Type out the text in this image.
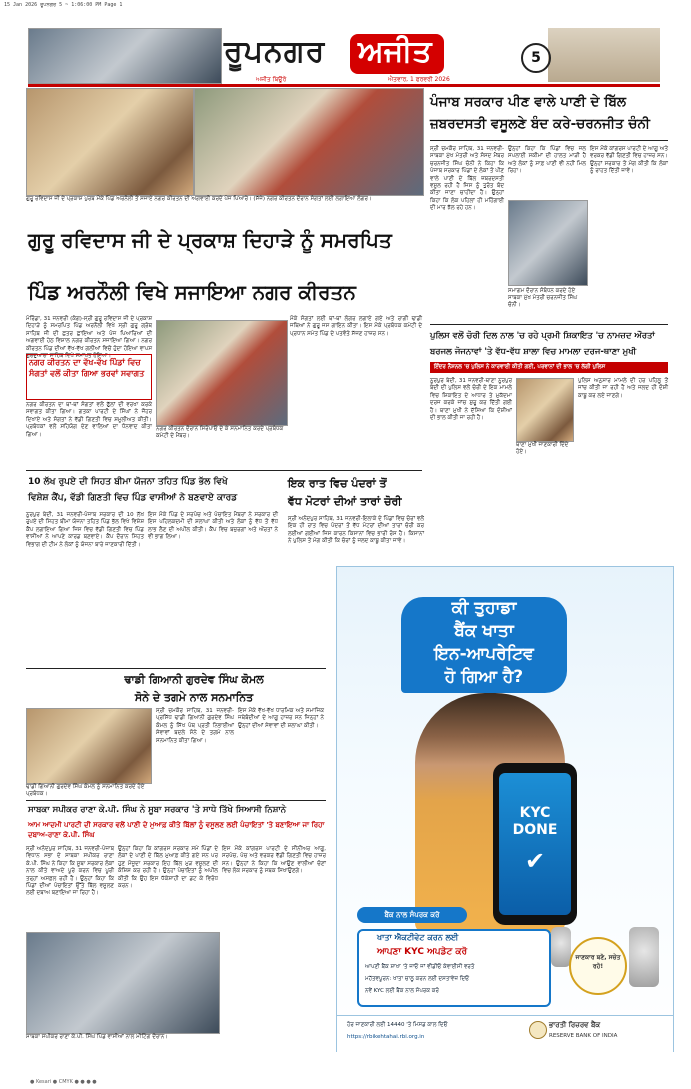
15 Jan 2026 ਰੂਪਨਗਰ 5 ~ 1:06:00 PM Page 1
ਰੂਪਨਗਰ ਅਜੀਤ
ਅਜੀਤ ਬਿਊਰੋ	ਐਤਵਾਰ, 1 ਫਰਵਰੀ 2026
5
ਗੁਰੂ ਰਵਿਦਾਸ ਜੀ ਦੇ ਪ੍ਰਕਾਸ਼ ਪੁਰਬ ਮੌਕੇ ਪਿੰਡ ਅਰਨੌਲੀ ਤੋਂ ਸਜਾਏ ਨਗਰ ਕੀਰਤਨ ਦੀ ਅਗਵਾਈ ਕਰਦੇ ਪੰਜ ਪਿਆਰੇ। (ਸੱਜੇ) ਨਗਰ ਕੀਰਤਨ ਦੌਰਾਨ ਸੰਗਤਾਂ ਲਈ ਲਗਾਇਆ ਲੰਗਰ।
ਗੁਰੂ ਰਵਿਦਾਸ ਜੀ ਦੇ ਪ੍ਰਕਾਸ਼ ਦਿਹਾੜੇ ਨੂੰ ਸਮਰਪਿਤ
ਪਿੰਡ ਅਰਨੌਲੀ ਵਿਖੇ ਸਜਾਇਆ ਨਗਰ ਕੀਰਤਨ
ਮੋਰਿੰਡਾ, 31 ਜਨਵਰੀ (ਕੰਗ)-ਸ੍ਰੀ ਗੁਰੂ ਰਵਿਦਾਸ ਜੀ ਦੇ ਪ੍ਰਕਾਸ਼ ਦਿਹਾੜੇ ਨੂੰ ਸਮਰਪਿਤ ਪਿੰਡ ਅਰਨੌਲੀ ਵਿਖੇ ਸ੍ਰੀ ਗੁਰੂ ਗ੍ਰੰਥ ਸਾਹਿਬ ਜੀ ਦੀ ਛਤਰ ਛਾਇਆ ਅਤੇ ਪੰਜ ਪਿਆਰਿਆਂ ਦੀ ਅਗਵਾਈ ਹੇਠ ਵਿਸ਼ਾਲ ਨਗਰ ਕੀਰਤਨ ਸਜਾਇਆ ਗਿਆ। ਨਗਰ ਕੀਰਤਨ ਪਿੰਡ ਦੀਆਂ ਵੱਖ-ਵੱਖ ਗਲੀਆਂ ਵਿਚੋਂ ਹੁੰਦਾ ਹੋਇਆ ਵਾਪਸ ਗੁਰਦੁਆਰਾ ਸਾਹਿਬ ਵਿਖੇ ਸਮਾਪਤ ਹੋਇਆ।
ਨਗਰ ਕੀਰਤਨ ਦਾ ਵੱਖ-ਵੱਖ ਪਿੰਡਾਂ ਵਿਚ ਸੰਗਤਾਂ ਵਲੋਂ ਕੀਤਾ ਗਿਆ ਭਰਵਾਂ ਸਵਾਗਤ
ਨਗਰ ਕੀਰਤਨ ਦਾ ਥਾਂ-ਥਾਂ ਸੰਗਤਾਂ ਵਲੋਂ ਫੁੱਲਾਂ ਦੀ ਵਰਖਾ ਕਰਕੇ ਸਵਾਗਤ ਕੀਤਾ ਗਿਆ। ਗਤਕਾ ਪਾਰਟੀ ਦੇ ਸਿੰਘਾਂ ਨੇ ਜੌਹਰ ਦਿਖਾਏ ਅਤੇ ਸੰਗਤਾਂ ਨੇ ਵੱਡੀ ਗਿਣਤੀ ਵਿਚ ਸ਼ਮੂਲੀਅਤ ਕੀਤੀ। ਪ੍ਰਬੰਧਕਾਂ ਵਲੋਂ ਸਹਿਯੋਗ ਦੇਣ ਵਾਲਿਆਂ ਦਾ ਧੰਨਵਾਦ ਕੀਤਾ ਗਿਆ।
ਨਗਰ ਕੀਰਤਨ ਦੌਰਾਨ ਸਿਰੋਪਾਓ ਦੇ ਕੇ ਸਨਮਾਨਿਤ ਕਰਦੇ ਪ੍ਰਬੰਧਕ ਕਮੇਟੀ ਦੇ ਮੈਂਬਰ।
ਮੌਕੇ ਸੰਗਤਾਂ ਲਈ ਥਾਂ-ਥਾਂ ਲੰਗਰ ਲਗਾਏ ਗਏ ਅਤੇ ਰਾਗੀ ਢਾਡੀ ਜਥਿਆਂ ਨੇ ਗੁਰੂ ਜਸ ਗਾਇਨ ਕੀਤਾ। ਇਸ ਮੌਕੇ ਪ੍ਰਬੰਧਕ ਕਮੇਟੀ ਦੇ ਪ੍ਰਧਾਨ ਸਮੇਤ ਪਿੰਡ ਦੇ ਪਤਵੰਤੇ ਸੱਜਣ ਹਾਜ਼ਰ ਸਨ।
ਪੰਜਾਬ ਸਰਕਾਰ ਪੀਣ ਵਾਲੇ ਪਾਣੀ ਦੇ ਬਿੱਲ
ਜ਼ਬਰਦਸਤੀ ਵਸੂਲਣੇ ਬੰਦ ਕਰੇ-ਚਰਨਜੀਤ ਚੰਨੀ
ਸ੍ਰੀ ਚਮਕੌਰ ਸਾਹਿਬ, 31 ਜਨਵਰੀ-ਸਾਬਕਾ ਮੁੱਖ ਮੰਤਰੀ ਅਤੇ ਸੰਸਦ ਮੈਂਬਰ ਚਰਨਜੀਤ ਸਿੰਘ ਚੰਨੀ ਨੇ ਕਿਹਾ ਕਿ ਪੰਜਾਬ ਸਰਕਾਰ ਪਿੰਡਾਂ ਦੇ ਲੋਕਾਂ ਤੋਂ ਪੀਣ ਵਾਲੇ ਪਾਣੀ ਦੇ ਬਿੱਲ ਜ਼ਬਰਦਸਤੀ ਵਸੂਲ ਰਹੀ ਹੈ ਜਿਸ ਨੂੰ ਤੁਰੰਤ ਬੰਦ ਕੀਤਾ ਜਾਣਾ ਚਾਹੀਦਾ ਹੈ। ਉਨ੍ਹਾਂ ਕਿਹਾ ਕਿ ਲੋਕ ਪਹਿਲਾਂ ਹੀ ਮਹਿੰਗਾਈ ਦੀ ਮਾਰ ਝੱਲ ਰਹੇ ਹਨ।
ਉਨ੍ਹਾਂ ਕਿਹਾ ਕਿ ਪਿੰਡਾਂ ਵਿਚ ਜਲ ਸਪਲਾਈ ਸਕੀਮਾਂ ਦੀ ਹਾਲਤ ਮਾੜੀ ਹੈ ਅਤੇ ਲੋਕਾਂ ਨੂੰ ਸਾਫ਼ ਪਾਣੀ ਵੀ ਨਹੀਂ ਮਿਲ ਰਿਹਾ।
ਇਸ ਮੌਕੇ ਕਾਂਗਰਸ ਪਾਰਟੀ ਦੇ ਆਗੂ ਅਤੇ ਵਰਕਰ ਵੱਡੀ ਗਿਣਤੀ ਵਿਚ ਹਾਜ਼ਰ ਸਨ। ਉਨ੍ਹਾਂ ਸਰਕਾਰ ਤੋਂ ਮੰਗ ਕੀਤੀ ਕਿ ਲੋਕਾਂ ਨੂੰ ਰਾਹਤ ਦਿੱਤੀ ਜਾਵੇ।
ਸਮਾਗਮ ਦੌਰਾਨ ਸੰਬੋਧਨ ਕਰਦੇ ਹੋਏ ਸਾਬਕਾ ਮੁੱਖ ਮੰਤਰੀ ਚਰਨਜੀਤ ਸਿੰਘ ਚੰਨੀ।
ਪੁਲਿਸ ਵਲੋਂ ਚੋਰੀ ਦਿਲ ਨਾਲ 'ਚ ਰਹੇ ਪ੍ਰਮੀ ਸ਼ਿਕਾਇਤ 'ਚ ਨਾਮਜ਼ਦ ਔਰਤਾਂ
ਬਰਜਲ ਜੋਜਨਾਵਾਂ 'ਤੇ ਵੱਧ-ਵੱਧ ਸ਼ਾਲਾ ਵਿਚ ਮਾਮਲਾ ਦਰਜ-ਥਾਣਾ ਮੁਖੀ
ਇੰਦਰ ਨੈਸ਼ਨਲ 'ਚ ਪੁਲਿਸ ਨੇ ਕਾਰਵਾਈ ਕੀਤੀ ਗਈ, ਪਰਵਾਨਾਂ ਦੀ ਭਾਲ 'ਚ ਲੱਗੀ ਪੁਲਿਸ
ਨੂਰਪੁਰ ਬੇਦੀ, 31 ਜਨਵਰੀ-ਥਾਣਾ ਨੂਰਪੁਰ ਬੇਦੀ ਦੀ ਪੁਲਿਸ ਵਲੋਂ ਚੋਰੀ ਦੇ ਇਕ ਮਾਮਲੇ ਵਿਚ ਸ਼ਿਕਾਇਤ ਦੇ ਆਧਾਰ ਤੇ ਮੁਕੱਦਮਾ ਦਰਜ ਕਰਕੇ ਜਾਂਚ ਸ਼ੁਰੂ ਕਰ ਦਿੱਤੀ ਗਈ ਹੈ। ਥਾਣਾ ਮੁਖੀ ਨੇ ਦੱਸਿਆ ਕਿ ਦੋਸ਼ੀਆਂ ਦੀ ਭਾਲ ਕੀਤੀ ਜਾ ਰਹੀ ਹੈ।
ਥਾਣਾ ਮੁਖੀ ਜਾਣਕਾਰੀ ਦਿੰਦੇ ਹੋਏ।
ਪੁਲਿਸ ਅਨੁਸਾਰ ਮਾਮਲੇ ਦੀ ਹਰ ਪਹਿਲੂ ਤੋਂ ਜਾਂਚ ਕੀਤੀ ਜਾ ਰਹੀ ਹੈ ਅਤੇ ਜਲਦ ਹੀ ਦੋਸ਼ੀ ਕਾਬੂ ਕਰ ਲਏ ਜਾਣਗੇ।
10 ਲੱਖ ਰੁਪਏ ਦੀ ਸਿਹਤ ਬੀਮਾ ਯੋਜਨਾ ਤਹਿਤ ਪਿੰਡ ਭੱਲ ਵਿਖੇ
ਵਿਸ਼ੇਸ਼ ਕੈਂਪ, ਵੱਡੀ ਗਿਣਤੀ ਵਿਚ ਪਿੰਡ ਵਾਸੀਆਂ ਨੇ ਬਣਵਾਏ ਕਾਰਡ
ਨੂਰਪੁਰ ਬੇਦੀ, 31 ਜਨਵਰੀ-ਪੰਜਾਬ ਸਰਕਾਰ ਦੀ 10 ਲੱਖ ਰੁਪਏ ਦੀ ਸਿਹਤ ਬੀਮਾ ਯੋਜਨਾ ਤਹਿਤ ਪਿੰਡ ਭੱਲ ਵਿਖੇ ਵਿਸ਼ੇਸ਼ ਕੈਂਪ ਲਗਾਇਆ ਗਿਆ ਜਿਸ ਵਿਚ ਵੱਡੀ ਗਿਣਤੀ ਵਿਚ ਪਿੰਡ ਵਾਸੀਆਂ ਨੇ ਆਪਣੇ ਕਾਰਡ ਬਣਵਾਏ। ਕੈਂਪ ਦੌਰਾਨ ਸਿਹਤ ਵਿਭਾਗ ਦੀ ਟੀਮ ਨੇ ਲੋਕਾਂ ਨੂੰ ਯੋਜਨਾ ਬਾਰੇ ਜਾਣਕਾਰੀ ਦਿੱਤੀ।
ਇਸ ਮੌਕੇ ਪਿੰਡ ਦੇ ਸਰਪੰਚ ਅਤੇ ਪੰਚਾਇਤ ਮੈਂਬਰਾਂ ਨੇ ਸਰਕਾਰ ਦੀ ਇਸ ਪਹਿਲਕਦਮੀ ਦੀ ਸ਼ਲਾਘਾ ਕੀਤੀ ਅਤੇ ਲੋਕਾਂ ਨੂੰ ਵੱਧ ਤੋਂ ਵੱਧ ਲਾਭ ਲੈਣ ਦੀ ਅਪੀਲ ਕੀਤੀ। ਕੈਂਪ ਵਿਚ ਬਜ਼ੁਰਗਾਂ ਅਤੇ ਔਰਤਾਂ ਨੇ ਵੀ ਭਾਗ ਲਿਆ।
ਇਕ ਰਾਤ ਵਿਚ ਪੰਦਰਾਂ ਤੋਂ
ਵੱਧ ਮੋਟਰਾਂ ਦੀਆਂ ਤਾਰਾਂ ਚੋਰੀ
ਸ੍ਰੀ ਅਨੰਦਪੁਰ ਸਾਹਿਬ, 31 ਜਨਵਰੀ-ਇਲਾਕੇ ਦੇ ਪਿੰਡਾਂ ਵਿਚ ਚੋਰਾਂ ਵਲੋਂ ਇਕ ਹੀ ਰਾਤ ਵਿਚ ਪੰਦਰਾਂ ਤੋਂ ਵੱਧ ਮੋਟਰਾਂ ਦੀਆਂ ਤਾਰਾਂ ਚੋਰੀ ਕਰ ਲਈਆਂ ਗਈਆਂ ਜਿਸ ਕਾਰਨ ਕਿਸਾਨਾਂ ਵਿਚ ਭਾਰੀ ਰੋਸ ਹੈ। ਕਿਸਾਨਾਂ ਨੇ ਪੁਲਿਸ ਤੋਂ ਮੰਗ ਕੀਤੀ ਕਿ ਚੋਰਾਂ ਨੂੰ ਜਲਦ ਕਾਬੂ ਕੀਤਾ ਜਾਵੇ।
ਢਾਡੀ ਗਿਆਨੀ ਗੁਰਦੇਵ ਸਿੰਘ ਕੋਮਲ
ਸੋਨੇ ਦੇ ਤਗਮੇ ਨਾਲ ਸਨਮਾਨਿਤ
ਢਾਡੀ ਗਿਆਨੀ ਗੁਰਦੇਵ ਸਿੰਘ ਕੋਮਲ ਨੂੰ ਸਨਮਾਨਿਤ ਕਰਦੇ ਹੋਏ ਪ੍ਰਬੰਧਕ।
ਸ੍ਰੀ ਚਮਕੌਰ ਸਾਹਿਬ, 31 ਜਨਵਰੀ-ਪ੍ਰਸਿੱਧ ਢਾਡੀ ਗਿਆਨੀ ਗੁਰਦੇਵ ਸਿੰਘ ਕੋਮਲ ਨੂੰ ਸਿੱਖ ਪੰਥ ਪ੍ਰਤੀ ਨਿਭਾਈਆਂ ਸੇਵਾਵਾਂ ਬਦਲੇ ਸੋਨੇ ਦੇ ਤਗਮੇ ਨਾਲ ਸਨਮਾਨਿਤ ਕੀਤਾ ਗਿਆ।
ਇਸ ਮੌਕੇ ਵੱਖ-ਵੱਖ ਧਾਰਮਿਕ ਅਤੇ ਸਮਾਜਿਕ ਜਥੇਬੰਦੀਆਂ ਦੇ ਆਗੂ ਹਾਜ਼ਰ ਸਨ ਜਿਨ੍ਹਾਂ ਨੇ ਉਨ੍ਹਾਂ ਦੀਆਂ ਸੇਵਾਵਾਂ ਦੀ ਸ਼ਲਾਘਾ ਕੀਤੀ।
ਸਾਬਕਾ ਸਪੀਕਰ ਰਾਣਾ ਕੇ.ਪੀ. ਸਿੰਘ ਨੇ ਸੂਬਾ ਸਰਕਾਰ 'ਤੇ ਸਾਧੇ ਤਿੱਖੇ ਸਿਆਸੀ ਨਿਸ਼ਾਨੇ
ਆਮ ਆਦਮੀ ਪਾਰਟੀ ਦੀ ਸਰਕਾਰ ਵਲੋਂ ਪਾਣੀ ਦੇ ਮੁਆਫ਼ ਕੀਤੇ ਬਿੱਲਾਂ ਨੂੰ ਵਸੂਲਣ ਲਈ ਪੰਚਾਇਤਾਂ 'ਤੇ ਬਣਾਇਆ ਜਾ ਰਿਹਾ ਦਬਾਅ-ਰਾਣਾ ਕੇ.ਪੀ. ਸਿੰਘ
ਸ੍ਰੀ ਅਨੰਦਪੁਰ ਸਾਹਿਬ, 31 ਜਨਵਰੀ-ਪੰਜਾਬ ਵਿਧਾਨ ਸਭਾ ਦੇ ਸਾਬਕਾ ਸਪੀਕਰ ਰਾਣਾ ਕੇ.ਪੀ. ਸਿੰਘ ਨੇ ਕਿਹਾ ਕਿ ਸੂਬਾ ਸਰਕਾਰ ਲੋਕਾਂ ਨਾਲ ਕੀਤੇ ਵਾਅਦੇ ਪੂਰੇ ਕਰਨ ਵਿਚ ਪੂਰੀ ਤਰ੍ਹਾਂ ਅਸਫ਼ਲ ਰਹੀ ਹੈ। ਉਨ੍ਹਾਂ ਕਿਹਾ ਕਿ ਪਿੰਡਾਂ ਦੀਆਂ ਪੰਚਾਇਤਾਂ ਉੱਤੇ ਬਿੱਲ ਵਸੂਲਣ ਲਈ ਦਬਾਅ ਬਣਾਇਆ ਜਾ ਰਿਹਾ ਹੈ।
ਉਨ੍ਹਾਂ ਕਿਹਾ ਕਿ ਕਾਂਗਰਸ ਸਰਕਾਰ ਸਮੇਂ ਪਿੰਡਾਂ ਦੇ ਲੋਕਾਂ ਦੇ ਪਾਣੀ ਦੇ ਬਿੱਲ ਮੁਆਫ਼ ਕੀਤੇ ਗਏ ਸਨ ਪਰ ਹੁਣ ਮੌਜੂਦਾ ਸਰਕਾਰ ਇਹ ਬਿੱਲ ਮੁੜ ਵਸੂਲਣ ਦੀ ਕੋਸ਼ਿਸ਼ ਕਰ ਰਹੀ ਹੈ। ਉਨ੍ਹਾਂ ਪੰਚਾਇਤਾਂ ਨੂੰ ਅਪੀਲ ਕੀਤੀ ਕਿ ਉਹ ਇਸ ਧੱਕੇਸ਼ਾਹੀ ਦਾ ਡਟ ਕੇ ਵਿਰੋਧ ਕਰਨ।
ਇਸ ਮੌਕੇ ਕਾਂਗਰਸ ਪਾਰਟੀ ਦੇ ਸੀਨੀਅਰ ਆਗੂ, ਸਰਪੰਚ, ਪੰਚ ਅਤੇ ਵਰਕਰ ਵੱਡੀ ਗਿਣਤੀ ਵਿਚ ਹਾਜ਼ਰ ਸਨ। ਉਨ੍ਹਾਂ ਨੇ ਕਿਹਾ ਕਿ ਆਉਣ ਵਾਲੀਆਂ ਚੋਣਾਂ ਵਿਚ ਲੋਕ ਸਰਕਾਰ ਨੂੰ ਸਬਕ ਸਿਖਾਉਣਗੇ।
ਸਾਬਕਾ ਸਪੀਕਰ ਰਾਣਾ ਕੇ.ਪੀ. ਸਿੰਘ ਪਿੰਡ ਵਾਸੀਆਂ ਨਾਲ ਮੀਟਿੰਗ ਦੌਰਾਨ।
ਕੀ ਤੁਹਾਡਾ
ਬੈਂਕ ਖਾਤਾ
ਇਨ-ਆਪਰੇਟਿਵ
ਹੋ ਗਿਆ ਹੈ?
KYC DONE
✔
ਬੈਂਕ ਨਾਲ ਸੰਪਰਕ ਕਰੋ
ਖਾਤਾ ਐਕਟੀਵੇਟ ਕਰਨ ਲਈ
ਆਪਣਾ KYC ਅਪਡੇਟ ਕਰੋ
ਆਪਣੀ ਬੈਂਕ ਸ਼ਾਖਾ 'ਤੇ ਜਾਓ ਜਾਂ ਵੀਡੀਓ ਕੇਵਾਈਸੀ ਵਰਤੋ
ਮਹੱਤਵਪੂਰਨ: ਖਾਤਾ ਚਾਲੂ ਕਰਨ ਲਈ ਦਸਤਾਵੇਜ਼ ਦਿਓ
ਨਵੇਂ KYC ਲਈ ਬੈਂਕ ਨਾਲ ਸੰਪਰਕ ਕਰੋ
ਜਾਣਕਾਰ ਬਣੋ, ਸਚੇਤ ਰਹੋ!
ਹੋਰ ਜਾਣਕਾਰੀ ਲਈ 14440 'ਤੇ ਮਿਸਡ ਕਾਲ ਦਿਓ
https://rbikehtahai.rbi.org.in
ਭਾਰਤੀ ਰਿਜ਼ਰਵ ਬੈਂਕ
RESERVE BANK OF INDIA
● Kesari ● CMYK ● ● ● ●
